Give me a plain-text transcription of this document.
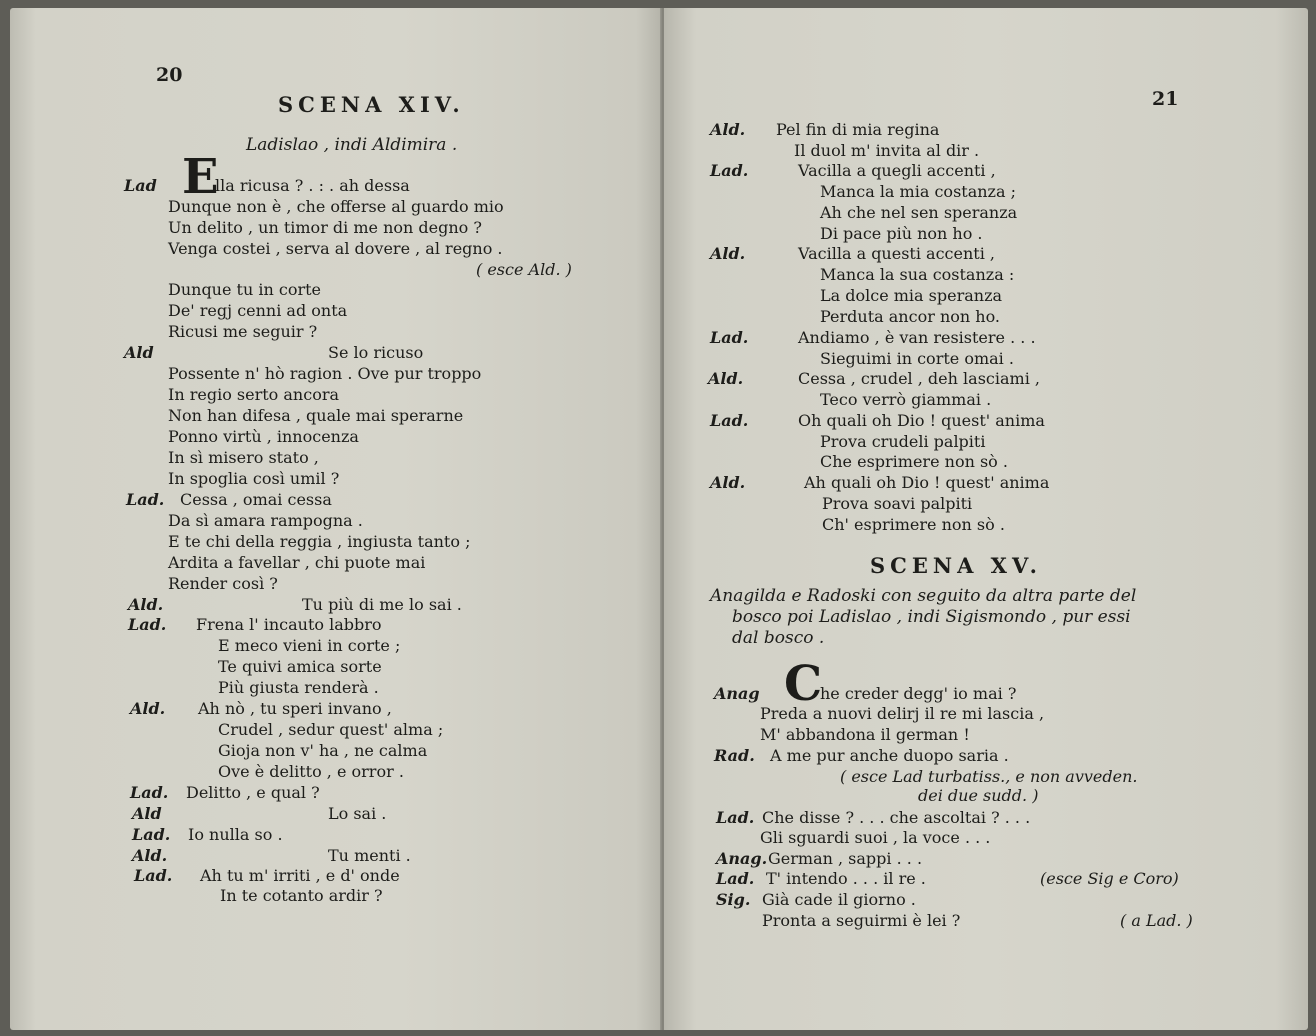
20
SCENA XIV.
Ladislao , indi Aldimira .
E
Lad	lla ricusa ? . : . ah dessa
Dunque non è , che offerse al guardo mio
Un delito , un timor di me non degno ?
Venga costei , serva al dovere , al regno .
( esce Ald. )
Dunque tu in corte
De' regj cenni ad onta
Ricusi me seguir ?
Ald	Se lo ricuso
Possente n' hò ragion . Ove pur troppo
In regio serto ancora
Non han difesa , quale mai sperarne
Ponno virtù , innocenza
In sì misero stato ,
In spoglia così umil ?
Lad. Cessa , omai cessa
Da sì amara rampogna .
E te chi della reggia , ingiusta tanto ;
Ardita a favellar , chi puote mai
Render così ?
Ald.	Tu più di me lo sai .
Lad. Frena l' incauto labbro
E meco vieni in corte ;
Te quivi amica sorte
Più giusta renderà .
Ald. Ah nò , tu speri invano ,
Crudel , sedur quest' alma ;
Gioja non v' ha , ne calma
Ove è delitto , e orror .
Lad. Delitto , e qual ?
Ald	Lo sai .
Lad. Io nulla so .
Ald.	Tu menti .
Lad. Ah tu m' irriti , e d' onde
In te cotanto ardir ?
21
Ald. Pel fin di mia regina
Il duol m' invita al dir .
Lad.	Vacilla a quegli accenti ,
Manca la mia costanza ;
Ah che nel sen speranza
Di pace più non ho .
Ald.	Vacilla a questi accenti ,
Manca la sua costanza :
La dolce mia speranza
Perduta ancor non ho.
Lad.	Andiamo , è van resistere . . .
Sieguimi in corte omai .
Ald.	Cessa , crudel , deh lasciami ,
Teco verrò giammai .
Lad.	Oh quali oh Dio ! quest' anima
Prova crudeli palpiti
Che esprimere non sò .
Ald.	Ah quali oh Dio ! quest' anima
Prova soavi palpiti
Ch' esprimere non sò .
SCENA XV.
Anagilda e Radoski con seguito da altra parte del
bosco poi Ladislao , indi Sigismondo , pur essi
dal bosco .
C
Anag	he creder degg' io mai ?
Preda a nuovi delirj il re mi lascia ,
M' abbandona il german !
Rad. A me pur anche duopo saria .
( esce Lad turbatiss., e non avveden.
dei due sudd. )
Lad. Che disse ? . . . che ascoltai ? . . .
Gli sguardi suoi , la voce . . .
Anag. German , sappi . . .
Lad. T' intendo . . . il re .	(esce Sig e Coro)
Sig. Già cade il giorno .
Pronta a seguirmi è lei ?	( a Lad. )
